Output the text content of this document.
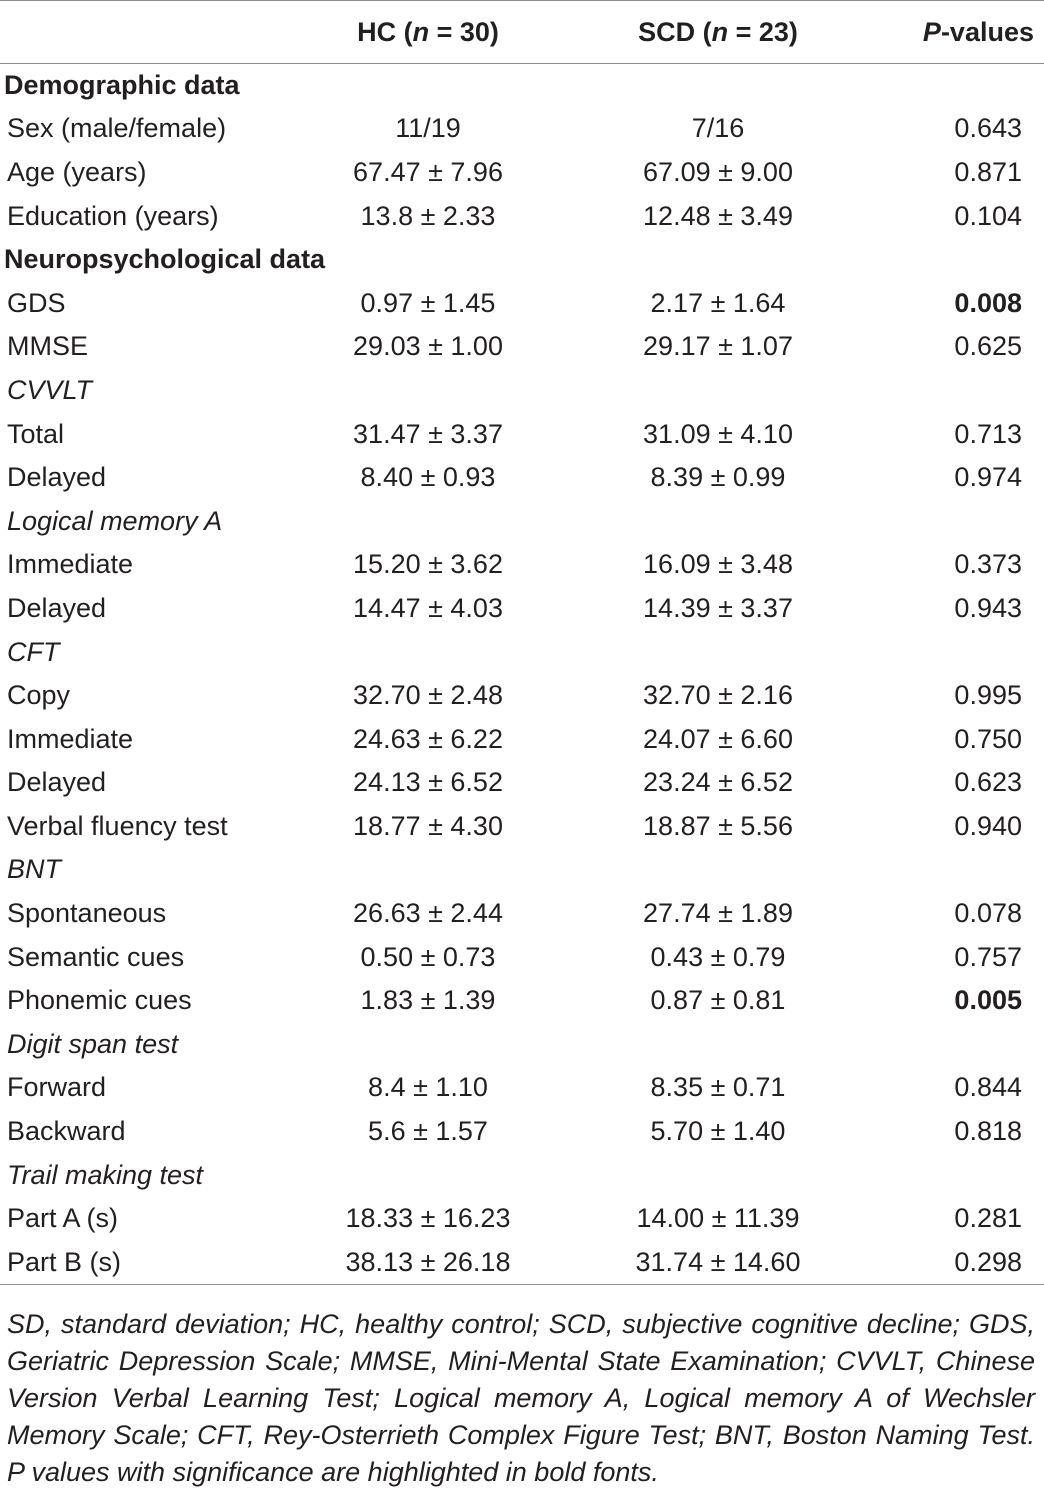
	HC (n = 30)	SCD (n = 23)	P-values
Demographic data			
Sex (male/female)	11/19	7/16	0.643
Age (years)	67.47 ± 7.96	67.09 ± 9.00	0.871
Education (years)	13.8 ± 2.33	12.48 ± 3.49	0.104
Neuropsychological data			
GDS	0.97 ± 1.45	2.17 ± 1.64	0.008
MMSE	29.03 ± 1.00	29.17 ± 1.07	0.625
CVVLT			
Total	31.47 ± 3.37	31.09 ± 4.10	0.713
Delayed	8.40 ± 0.93	8.39 ± 0.99	0.974
Logical memory A			
Immediate	15.20 ± 3.62	16.09 ± 3.48	0.373
Delayed	14.47 ± 4.03	14.39 ± 3.37	0.943
CFT			
Copy	32.70 ± 2.48	32.70 ± 2.16	0.995
Immediate	24.63 ± 6.22	24.07 ± 6.60	0.750
Delayed	24.13 ± 6.52	23.24 ± 6.52	0.623
Verbal fluency test	18.77 ± 4.30	18.87 ± 5.56	0.940
BNT			
Spontaneous	26.63 ± 2.44	27.74 ± 1.89	0.078
Semantic cues	0.50 ± 0.73	0.43 ± 0.79	0.757
Phonemic cues	1.83 ± 1.39	0.87 ± 0.81	0.005
Digit span test			
Forward	8.4 ± 1.10	8.35 ± 0.71	0.844
Backward	5.6 ± 1.57	5.70 ± 1.40	0.818
Trail making test			
Part A (s)	18.33 ± 16.23	14.00 ± 11.39	0.281
Part B (s)	38.13 ± 26.18	31.74 ± 14.60	0.298
SD, standard deviation; HC, healthy control; SCD, subjective cognitive decline; GDS, Geriatric Depression Scale; MMSE, Mini-Mental State Examination; CVVLT, Chinese Version Verbal Learning Test; Logical memory A, Logical memory A of Wechsler Memory Scale; CFT, Rey-Osterrieth Complex Figure Test; BNT, Boston Naming Test. P values with significance are highlighted in bold fonts.
